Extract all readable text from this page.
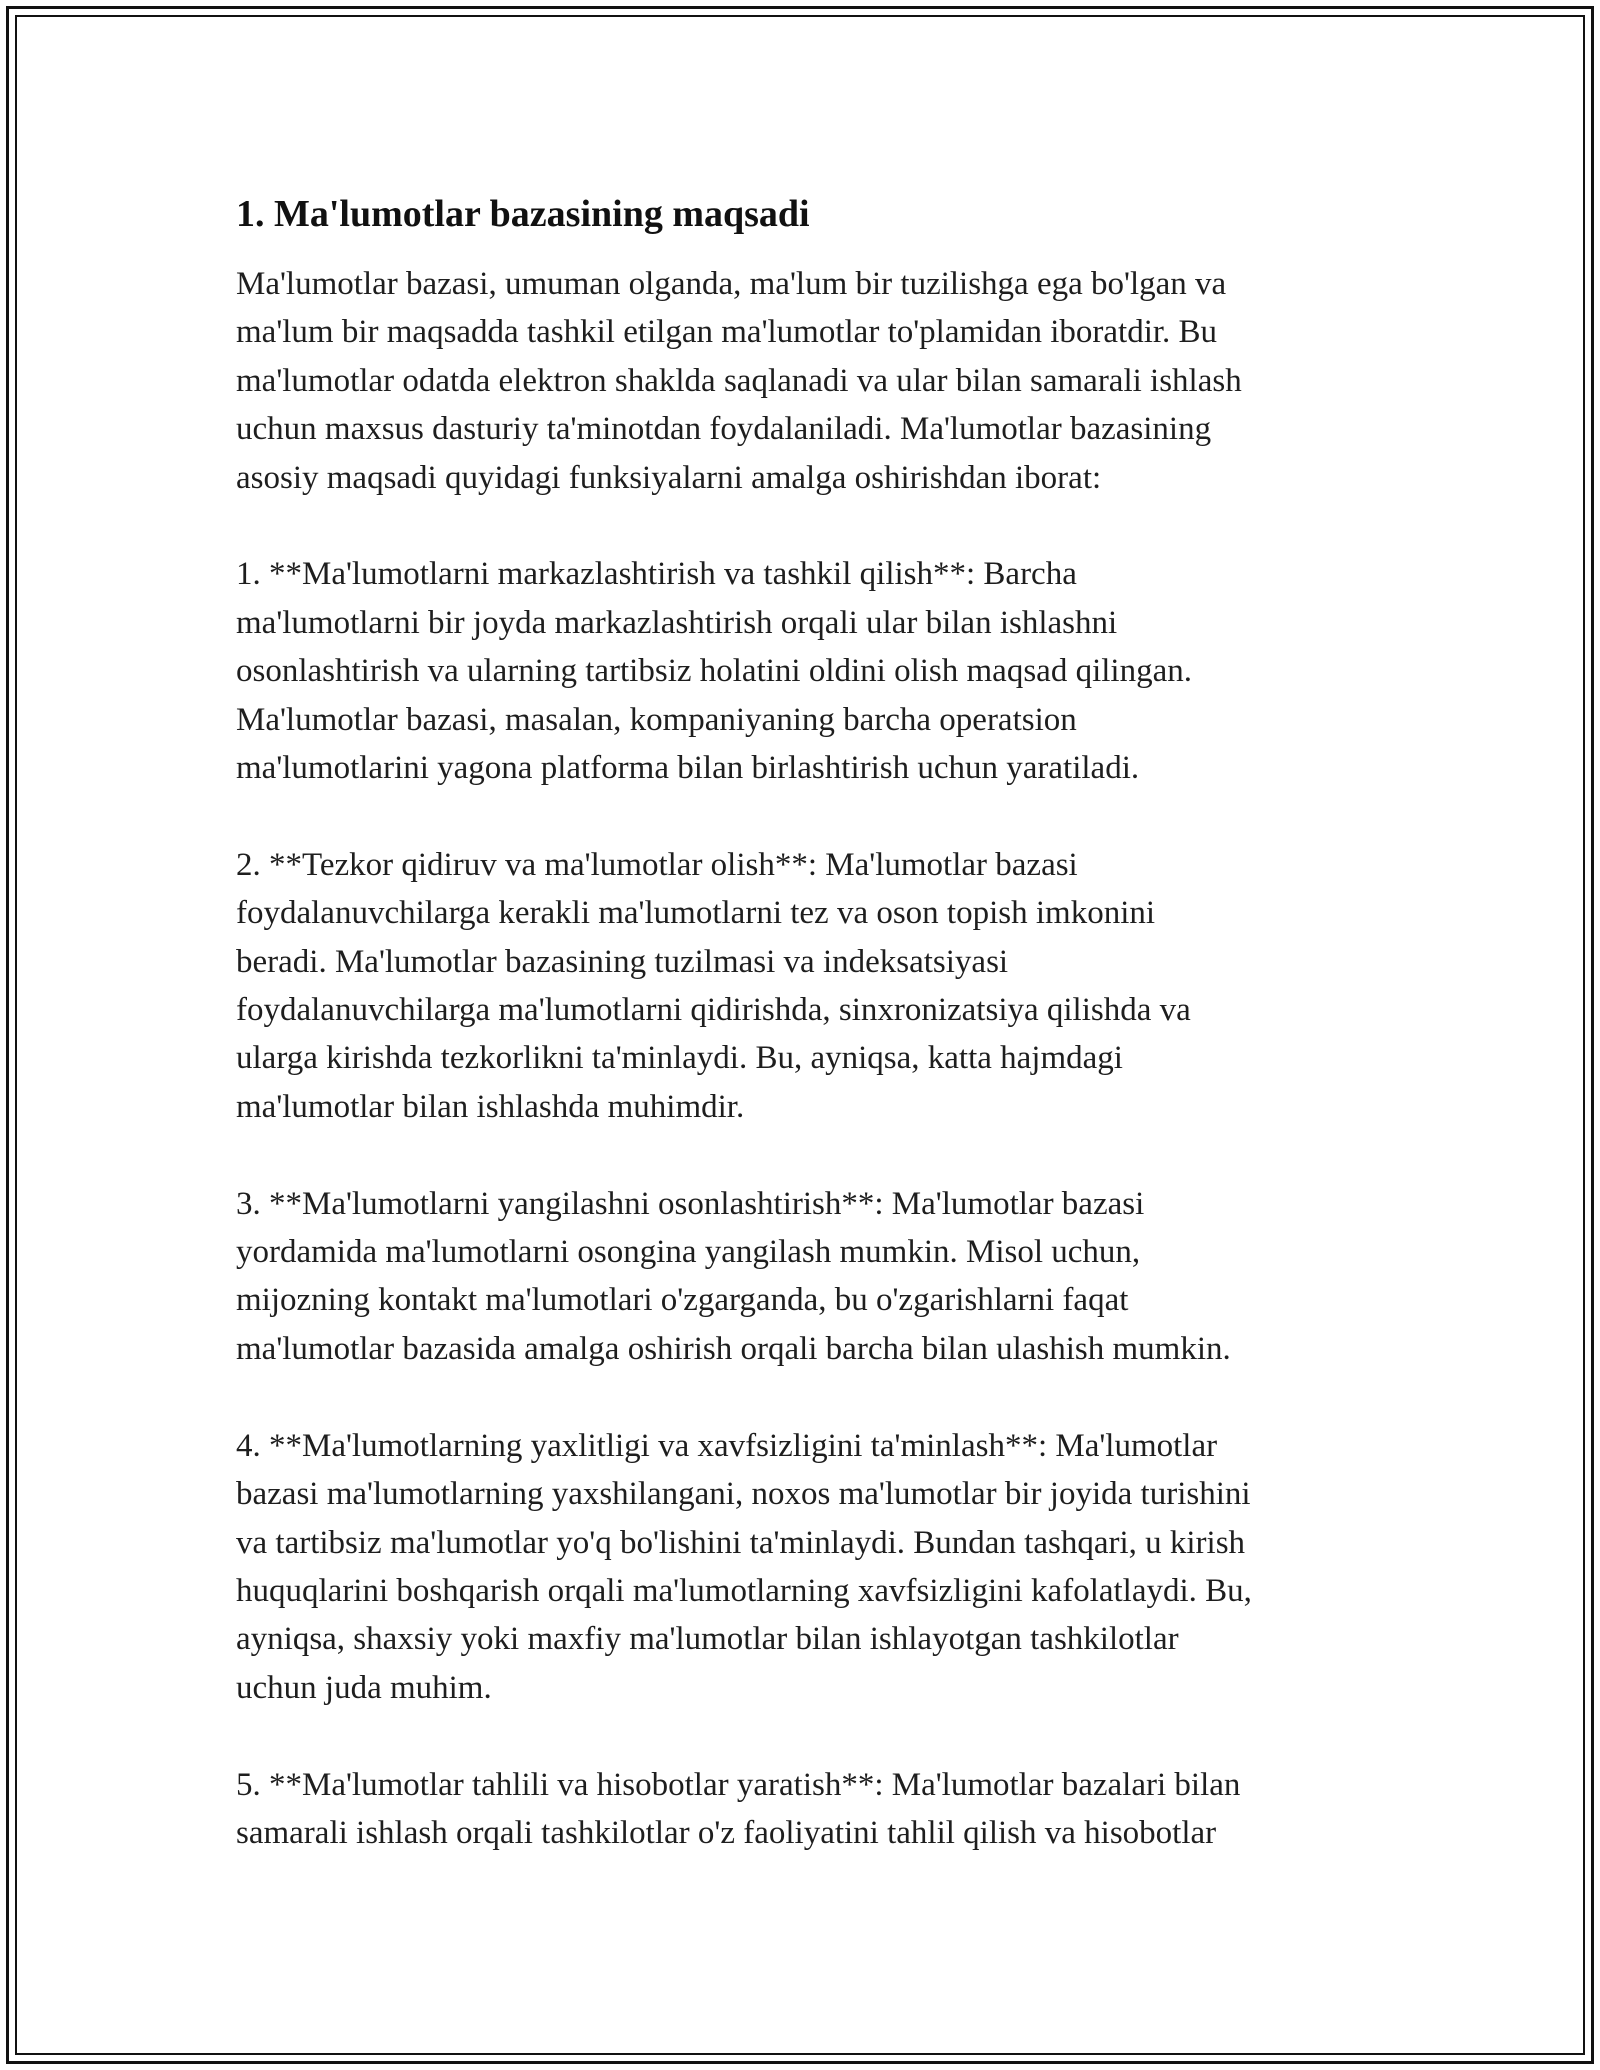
1. Ma'lumotlar bazasining maqsadi
Ma'lumotlar bazasi, umuman olganda, ma'lum bir tuzilishga ega bo'lgan va
ma'lum bir maqsadda tashkil etilgan ma'lumotlar to'plamidan iboratdir. Bu
ma'lumotlar odatda elektron shaklda saqlanadi va ular bilan samarali ishlash
uchun maxsus dasturiy ta'minotdan foydalaniladi. Ma'lumotlar bazasining
asosiy maqsadi quyidagi funksiyalarni amalga oshirishdan iborat:
1. **Ma'lumotlarni markazlashtirish va tashkil qilish**: Barcha
ma'lumotlarni bir joyda markazlashtirish orqali ular bilan ishlashni
osonlashtirish va ularning tartibsiz holatini oldini olish maqsad qilingan.
Ma'lumotlar bazasi, masalan, kompaniyaning barcha operatsion
ma'lumotlarini yagona platforma bilan birlashtirish uchun yaratiladi.
2. **Tezkor qidiruv va ma'lumotlar olish**: Ma'lumotlar bazasi
foydalanuvchilarga kerakli ma'lumotlarni tez va oson topish imkonini
beradi. Ma'lumotlar bazasining tuzilmasi va indeksatsiyasi
foydalanuvchilarga ma'lumotlarni qidirishda, sinxronizatsiya qilishda va
ularga kirishda tezkorlikni ta'minlaydi. Bu, ayniqsa, katta hajmdagi
ma'lumotlar bilan ishlashda muhimdir.
3. **Ma'lumotlarni yangilashni osonlashtirish**: Ma'lumotlar bazasi
yordamida ma'lumotlarni osongina yangilash mumkin. Misol uchun,
mijozning kontakt ma'lumotlari o'zgarganda, bu o'zgarishlarni faqat
ma'lumotlar bazasida amalga oshirish orqali barcha bilan ulashish mumkin.
4. **Ma'lumotlarning yaxlitligi va xavfsizligini ta'minlash**: Ma'lumotlar
bazasi ma'lumotlarning yaxshilangani, noxos ma'lumotlar bir joyida turishini
va tartibsiz ma'lumotlar yo'q bo'lishini ta'minlaydi. Bundan tashqari, u kirish
huquqlarini boshqarish orqali ma'lumotlarning xavfsizligini kafolatlaydi. Bu,
ayniqsa, shaxsiy yoki maxfiy ma'lumotlar bilan ishlayotgan tashkilotlar
uchun juda muhim.
5. **Ma'lumotlar tahlili va hisobotlar yaratish**: Ma'lumotlar bazalari bilan
samarali ishlash orqali tashkilotlar o'z faoliyatini tahlil qilish va hisobotlar
